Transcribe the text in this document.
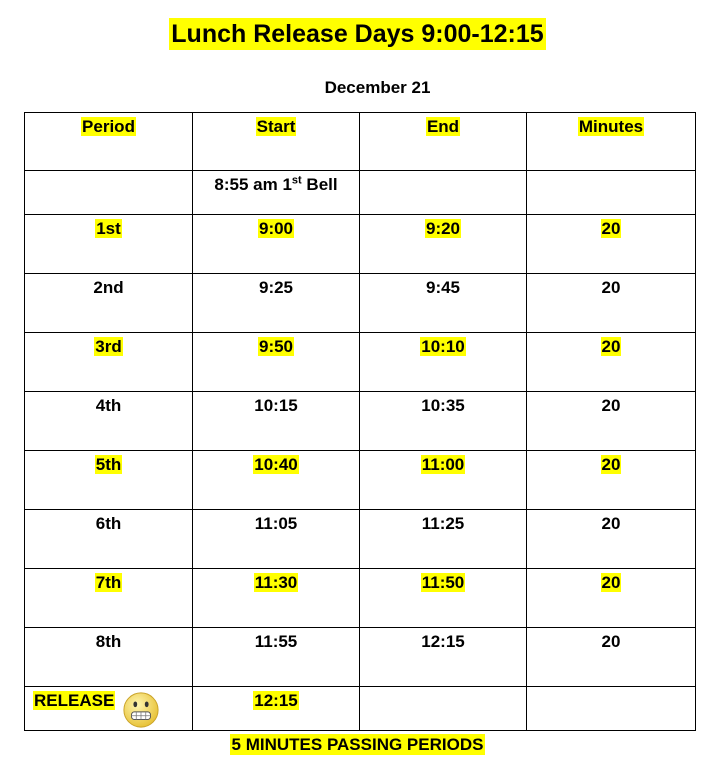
Lunch Release Days 9:00-12:15
December 21
Period	Start	End	Minutes
	8:55 am 1st Bell		
1st	9:00	9:20	20
2nd	9:25	9:45	20
3rd	9:50	10:10	20
4th	10:15	10:35	20
5th	10:40	11:00	20
6th	11:05	11:25	20
7th	11:30	11:50	20
8th	11:55	12:15	20
RELEASE	12:15		
5 MINUTES PASSING PERIODS
